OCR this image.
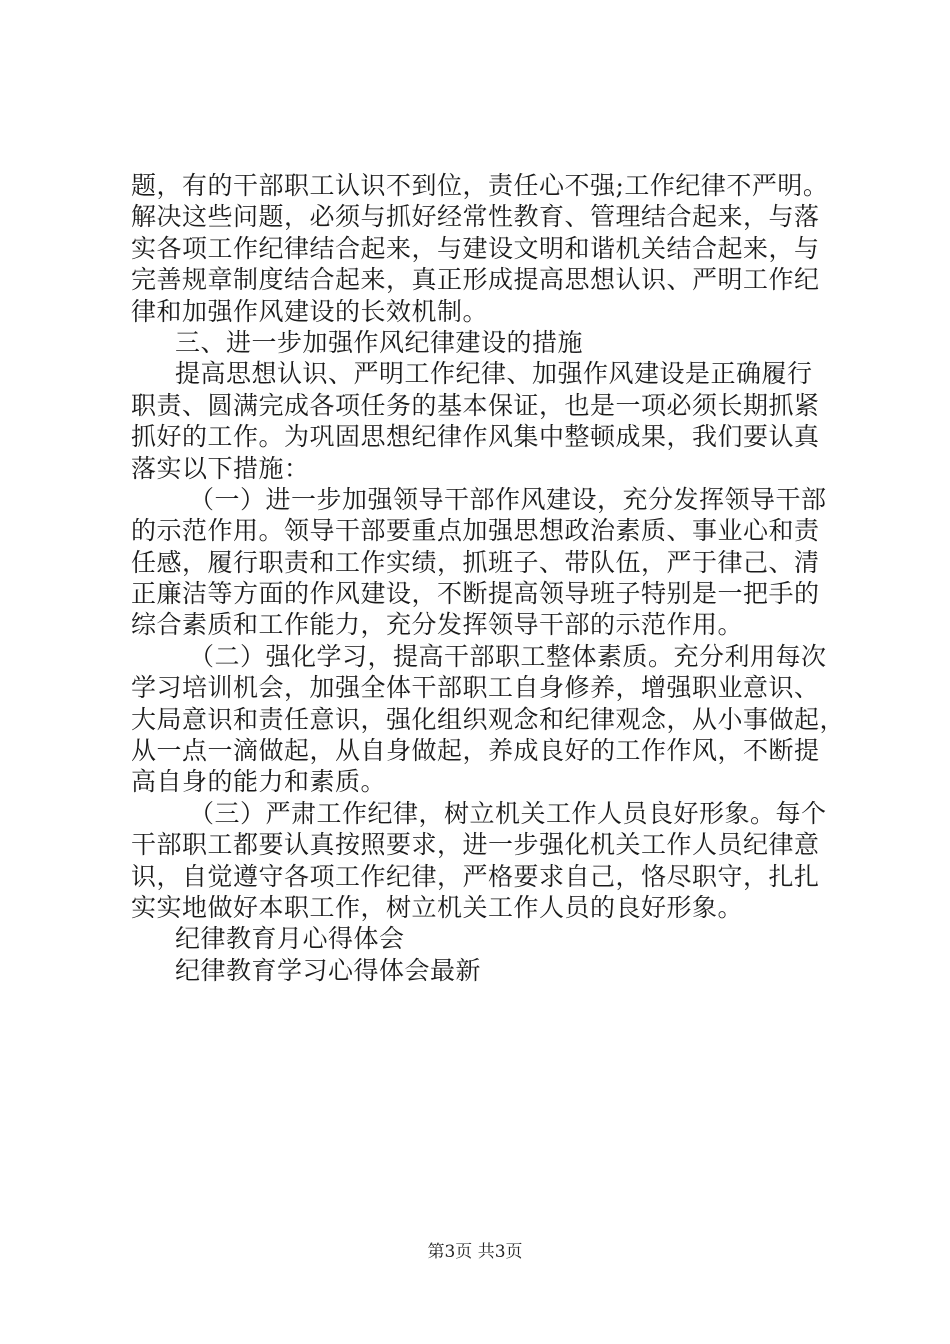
题，有的干部职工认识不到位，责任心不强;工作纪律不严明。
解决这些问题，必须与抓好经常性教育、管理结合起来，与落
实各项工作纪律结合起来，与建设文明和谐机关结合起来，与
完善规章制度结合起来，真正形成提高思想认识、严明工作纪
律和加强作风建设的长效机制。
三、进一步加强作风纪律建设的措施
提高思想认识、严明工作纪律、加强作风建设是正确履行
职责、圆满完成各项任务的基本保证，也是一项必须长期抓紧
抓好的工作。为巩固思想纪律作风集中整顿成果，我们要认真
落实以下措施：
（一）进一步加强领导干部作风建设，充分发挥领导干部
的示范作用。领导干部要重点加强思想政治素质、事业心和责
任感，履行职责和工作实绩，抓班子、带队伍，严于律己、清
正廉洁等方面的作风建设，不断提高领导班子特别是一把手的
综合素质和工作能力，充分发挥领导干部的示范作用。
（二）强化学习，提高干部职工整体素质。充分利用每次
学习培训机会，加强全体干部职工自身修养，增强职业意识、
大局意识和责任意识，强化组织观念和纪律观念，从小事做起，
从一点一滴做起，从自身做起，养成良好的工作作风，不断提
高自身的能力和素质。
（三）严肃工作纪律，树立机关工作人员良好形象。每个
干部职工都要认真按照要求，进一步强化机关工作人员纪律意
识，自觉遵守各项工作纪律，严格要求自己，恪尽职守，扎扎
实实地做好本职工作，树立机关工作人员的良好形象。
纪律教育月心得体会
纪律教育学习心得体会最新
第3页 共3页
